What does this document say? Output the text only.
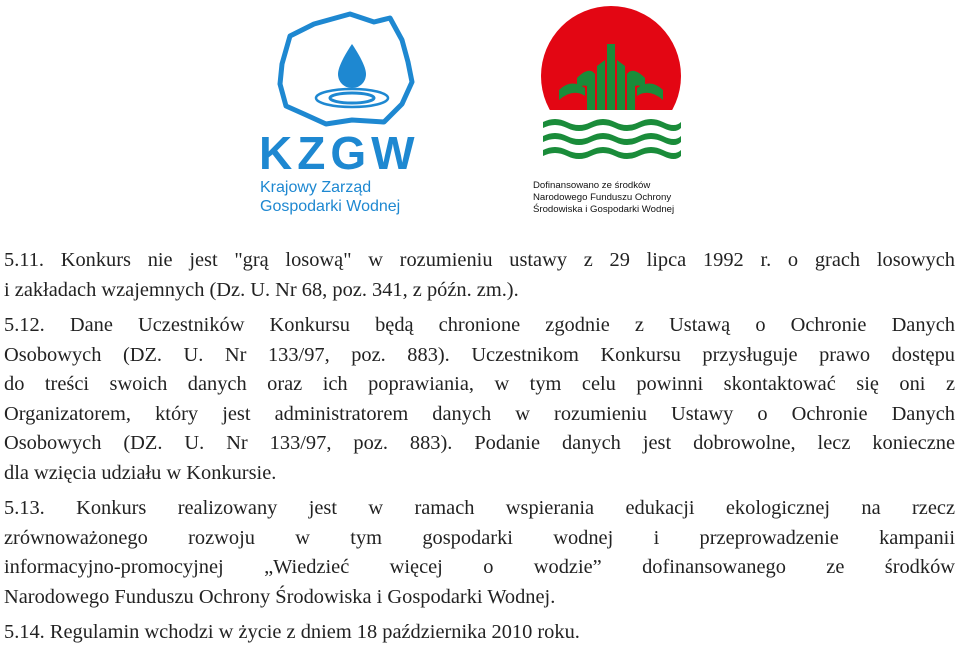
KZGW
Krajowy Zarząd
Gospodarki Wodnej
Dofinansowano ze środków
Narodowego Funduszu Ochrony
Środowiska i Gospodarki Wodnej

5.11. Konkurs nie jest "grą losową" w rozumieniu ustawy z 29 lipca 1992 r. o grach losowych
i zakładach wzajemnych (Dz. U. Nr 68, poz. 341, z późn. zm.).

5.12. Dane Uczestników Konkursu będą chronione zgodnie z Ustawą o Ochronie Danych
Osobowych (DZ. U. Nr 133/97, poz. 883). Uczestnikom Konkursu przysługuje prawo dostępu
do treści swoich danych oraz ich poprawiania, w tym celu powinni skontaktować się oni z
Organizatorem, który jest administratorem danych w rozumieniu Ustawy o Ochronie Danych
Osobowych (DZ. U. Nr 133/97, poz. 883). Podanie danych jest dobrowolne, lecz konieczne
dla wzięcia udziału w Konkursie.

5.13. Konkurs realizowany jest w ramach wspierania edukacji ekologicznej na rzecz
zrównoważonego rozwoju w tym gospodarki wodnej i przeprowadzenie kampanii
informacyjno-promocyjnej „Wiedzieć więcej o wodzie” dofinansowanego ze środków
Narodowego Funduszu Ochrony Środowiska i Gospodarki Wodnej.

5.14. Regulamin wchodzi w życie z dniem 18 października 2010 roku.
